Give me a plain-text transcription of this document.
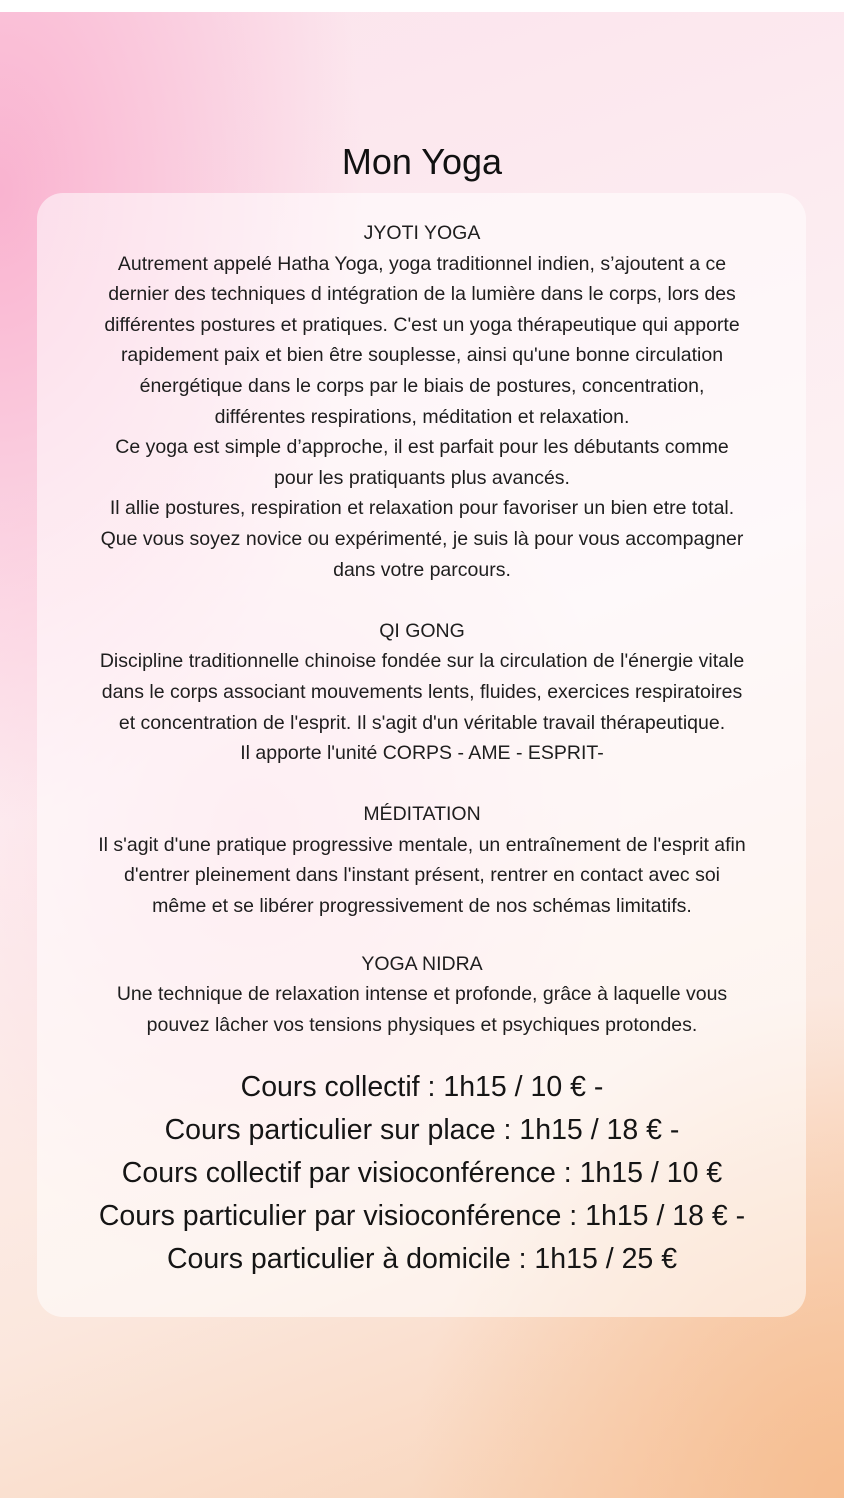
Mon Yoga

JYOTI YOGA

Autrement appelé Hatha Yoga, yoga traditionnel indien, s’ajoutent a ce

dernier des techniques d intégration de la lumière dans le corps, lors des

différentes postures et pratiques. C'est un yoga thérapeutique qui apporte

rapidement paix et bien être souplesse, ainsi qu'une bonne circulation

énergétique dans le corps par le biais de postures, concentration,

différentes respirations, méditation et relaxation.

Ce yoga est simple d’approche, il est parfait pour les débutants comme

pour les pratiquants plus avancés.

Il allie postures, respiration et relaxation pour favoriser un bien etre total.

Que vous soyez novice ou expérimenté, je suis là pour vous accompagner

dans votre parcours.

QI GONG

Discipline traditionnelle chinoise fondée sur la circulation de l'énergie vitale

dans le corps associant mouvements lents, fluides, exercices respiratoires

et concentration de l'esprit. Il s'agit d'un véritable travail thérapeutique.

Il apporte l'unité CORPS - AME - ESPRIT-

MÉDITATION

Il s'agit d'une pratique progressive mentale, un entraînement de l'esprit afin

d'entrer pleinement dans l'instant présent, rentrer en contact avec soi

même et se libérer progressivement de nos schémas limitatifs.

YOGA NIDRA

Une technique de relaxation intense et profonde, grâce à laquelle vous

pouvez lâcher vos tensions physiques et psychiques protondes.

Cours collectif : 1h15 / 10 € -
Cours particulier sur place : 1h15 / 18 € -
Cours collectif par visioconférence : 1h15 / 10 €
Cours particulier par visioconférence : 1h15 / 18 € -
Cours particulier à domicile : 1h15 / 25 €
